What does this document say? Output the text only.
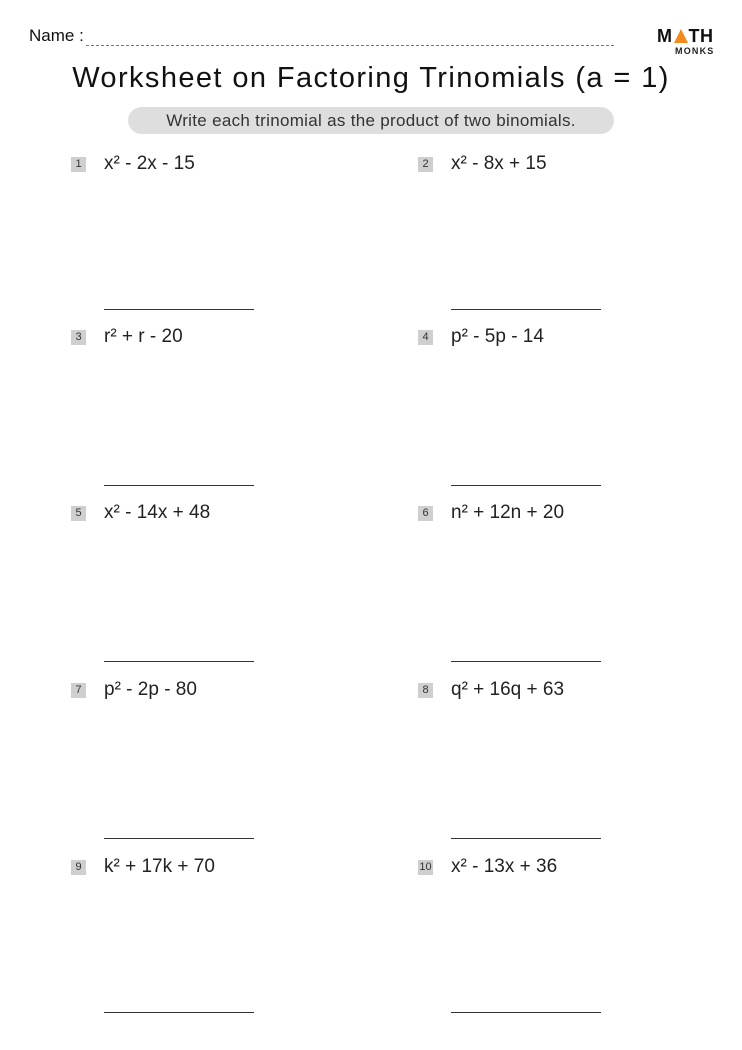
Name :	M TH
MONKS
Worksheet on Factoring Trinomials (a = 1)
Write each trinomial as the product of two binomials.
1 x² - 2x - 15	2 x² - 8x + 15
3 r² + r - 20	4 p² - 5p - 14
5 x² - 14x + 48	6 n² + 12n + 20
7 p² - 2p - 80	8 q² + 16q + 63
9 k² + 17k + 70	10 x² - 13x + 36
